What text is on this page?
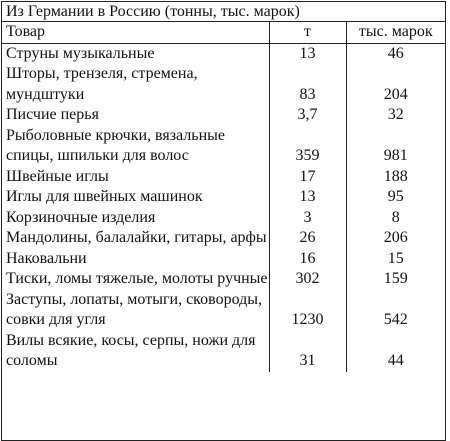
Из Германии в Россию (тонны, тыс. марок)
Товар	т	тыс. марок
Струны музыкальные	13	46
Шторы, трензеля, стремена, мундштуки	83	204
Писчие перья	3,7	32
Рыболовные крючки, вязальные спицы, шпильки для волос	359	981
Швейные иглы	17	188
Иглы для швейных машинок	13	95
Корзиночные изделия	3	8
Мандолины, балалайки, гитары, арфы	26	206
Наковальни	16	15
Тиски, ломы тяжелые, молоты ручные	302	159
Заступы, лопаты, мотыги, сковороды, совки для угля	1230	542
Вилы всякие, косы, серпы, ножи для соломы	31	44
